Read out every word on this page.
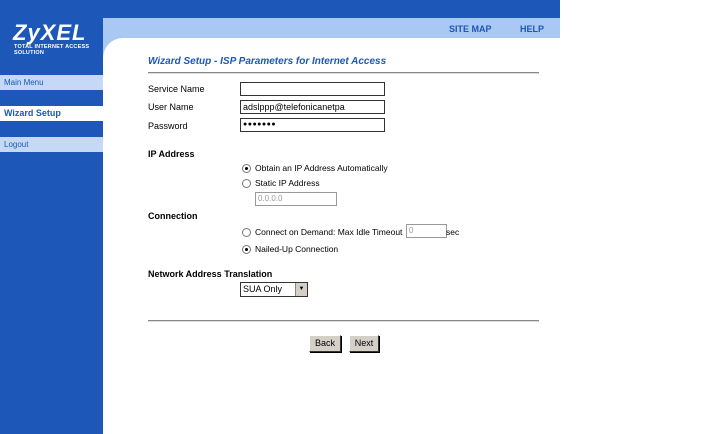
SITE MAP	HELP
ZyXEL
TOTAL INTERNET ACCESS SOLUTION
Main Menu
Wizard Setup
Logout
Wizard Setup - ISP Parameters for Internet Access
Service Name
User Name	adslppp@telefonicanetpa
Password	●●●●●●●
IP Address
Obtain an IP Address Automatically
Static IP Address
0.0.0.0
Connection
Connect on Demand: Max Idle Timeout 0	sec
Nailed-Up Connection
Network Address Translation
SUA Only	▼
Back	Next
